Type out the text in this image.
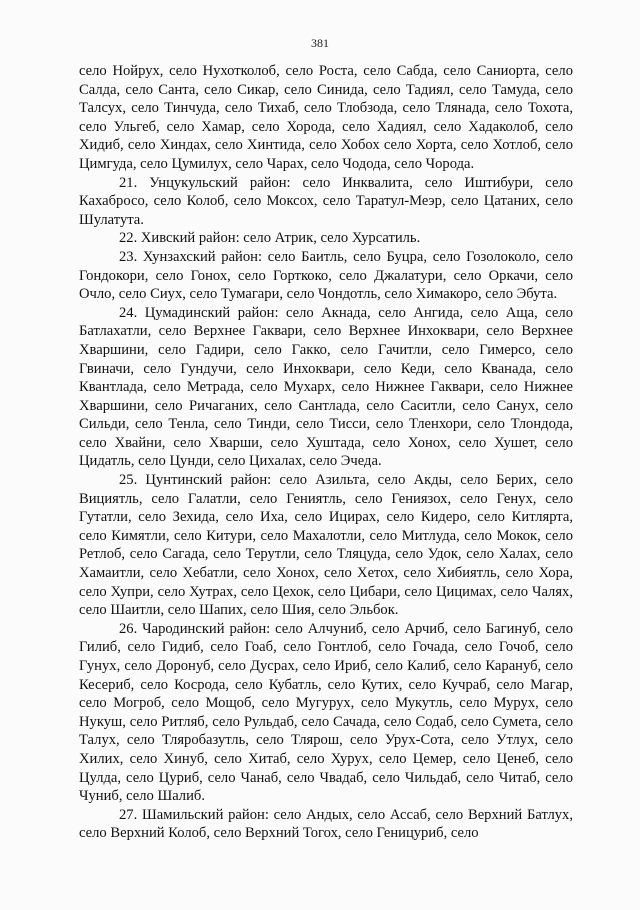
381

село Нойрух, село Нухотколоб, село Роста, село Сабда, село Саниорта, село Салда, село Санта, село Сикар, село Синида, село Тадиял, село Тамуда, село Талсух, село Тинчуда, село Тихаб, село Тлобзода, село Тлянада, село Тохота, село Ульгеб, село Хамар, село Хорода, село Хадиял, село Хадаколоб, село Хидиб, село Хиндах, село Хинтида, село Хобох село Хорта, село Хотлоб, село Цимгуда, село Цумилух, село Чарах, село Чодода, село Чорода.

21. Унцукульский район: село Инквалита, село Иштибури, село Кахабросо, село Колоб, село Моксох, село Таратул-Меэр, село Цатаних, село Шулатута.

22. Хивский район: село Атрик, село Хурсатиль.

23. Хунзахский район: село Баитль, село Буцра, село Гозолоколо, село Гондокори, село Гонох, село Горткоко, село Джалатури, село Оркачи, село Очло, село Сиух, село Тумагари, село Чондотль, село Химакоро, село Эбута.

24. Цумадинский район: село Акнада, село Ангида, село Аща, село Батлахатли, село Верхнее Гаквари, село Верхнее Инхоквари, село Верхнее Хваршини, село Гадири, село Гакко, село Гачитли, село Гимерсо, село Гвиначи, село Гундучи, село Инхоквари, село Кеди, село Кванада, село Квантлада, село Метрада, село Мухарх, село Нижнее Гаквари, село Нижнее Хваршини, село Ричаганих, село Сантлада, село Саситли, село Санух, село Сильди, село Тенла, село Тинди, село Тисси, село Тленхори, село Тлондода, село Хвайни, село Хварши, село Хуштада, село Хонох, село Хушет, село Цидатль, село Цунди, село Цихалах, село Эчеда.

25. Цунтинский район: село Азильта, село Акды, село Берих, село Вициятль, село Галатли, село Гениятль, село Гениязох, село Генух, село Гутатли, село Зехида, село Иха, село Ицирах, село Кидеро, село Китлярта, село Кимятли, село Китури, село Махалотли, село Митлуда, село Мокок, село Ретлоб, село Сагада, село Терутли, село Тляцуда, село Удок, село Халах, село Хамаитли, село Хебатли, село Хонох, село Хетох, село Хибиятль, село Хора, село Хупри, село Хутрах, село Цехок, село Цибари, село Цицимах, село Чалях, село Шаитли, село Шапих, село Шия, село Эльбок.

26. Чародинский район: село Алчуниб, село Арчиб, село Багинуб, село Гилиб, село Гидиб, село Гоаб, село Гонтлоб, село Гочада, село Гочоб, село Гунух, село Доронуб, село Дусрах, село Ириб, село Калиб, село Карануб, село Кесериб, село Косрода, село Кубатль, село Кутих, село Кучраб, село Магар, село Могроб, село Мощоб, село Мугурух, село Мукутль, село Мурух, село Нукуш, село Ритляб, село Рульдаб, село Сачада, село Содаб, село Сумета, село Талух, село Тляробазутль, село Тлярош, село Урух-Сота, село Утлух, село Хилих, село Хинуб, село Хитаб, село Хурух, село Цемер, село Ценеб, село Цулда, село Цуриб, село Чанаб, село Чвадаб, село Чильдаб, село Читаб, село Чуниб, село Шалиб.

27. Шамильский район: село Андых, село Ассаб, село Верхний Батлух, село Верхний Колоб, село Верхний Тогох, село Геницуриб, село
